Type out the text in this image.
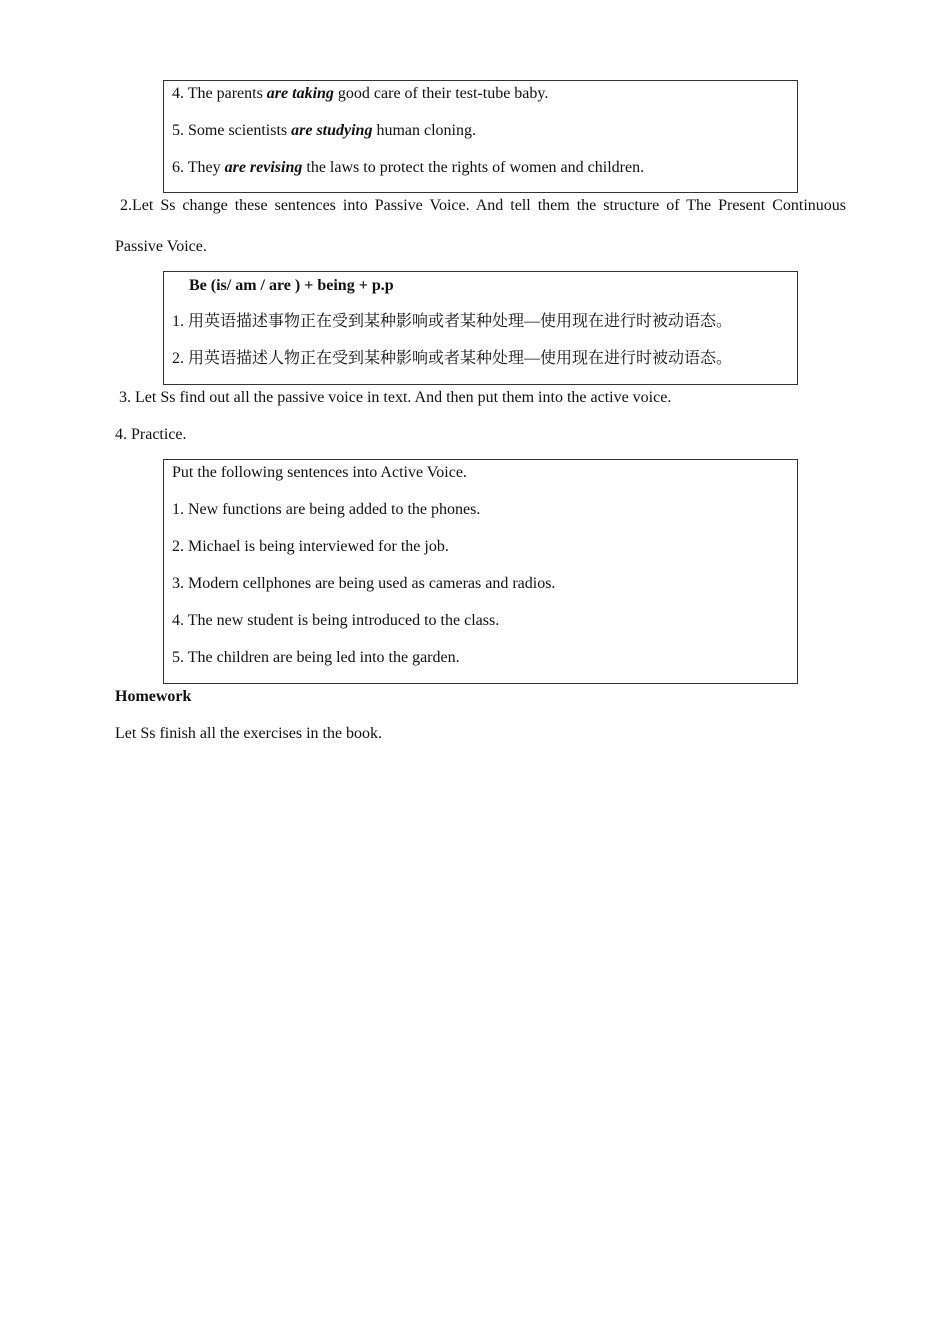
4. The parents are taking good care of their test-tube baby.
5. Some scientists are studying human cloning.
6. They are revising the laws to protect the rights of women and children.
2.Let Ss change these sentences into Passive Voice. And tell them the structure of The Present Continuous
Passive Voice.
Be (is/ am / are ) + being + p.p
1. 用英语描述事物正在受到某种影响或者某种处理—使用现在进行时被动语态。
2. 用英语描述人物正在受到某种影响或者某种处理—使用现在进行时被动语态。
3. Let Ss find out all the passive voice in text. And then put them into the active voice.
4. Practice.
Put the following sentences into Active Voice.
1. New functions are being added to the phones.
2. Michael is being interviewed for the job.
3. Modern cellphones are being used as cameras and radios.
4. The new student is being introduced to the class.
5. The children are being led into the garden.
Homework
Let Ss finish all the exercises in the book.
